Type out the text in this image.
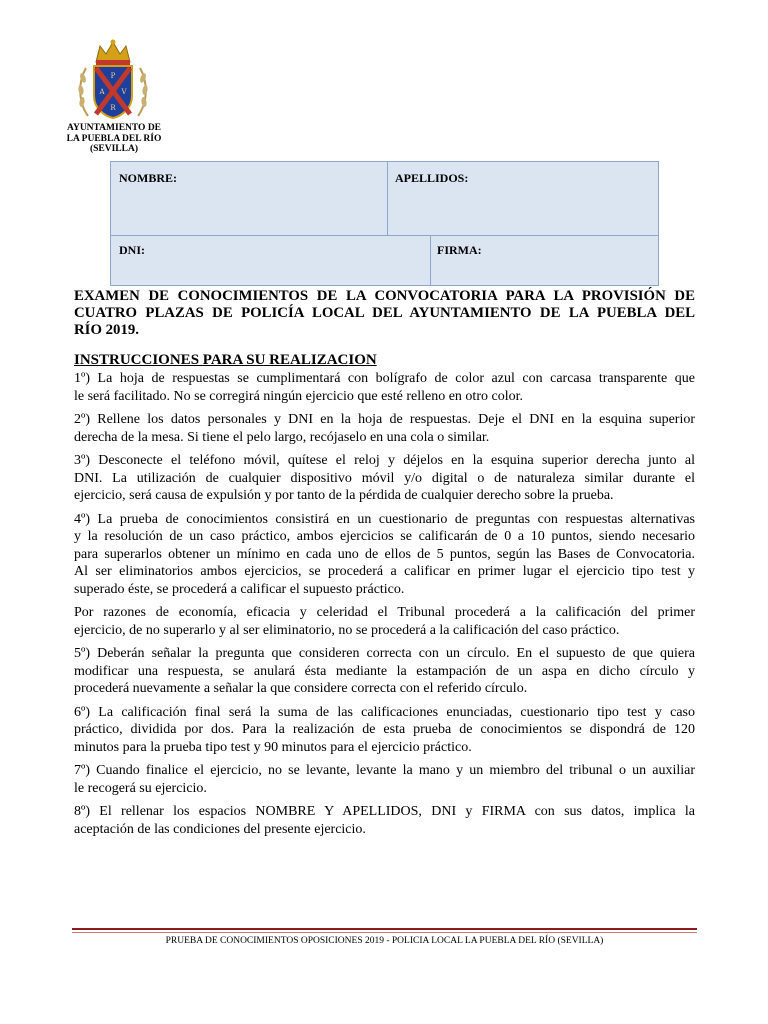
P
A V
R
AYUNTAMIENTO DE
LA PUEBLA DEL RÍO
(SEVILLA)
NOMBRE:	APELLIDOS:
DNI:	FIRMA:
EXAMEN DE CONOCIMIENTOS DE LA CONVOCATORIA PARA LA PROVISIÓN DE
CUATRO PLAZAS DE POLICÍA LOCAL DEL AYUNTAMIENTO DE LA PUEBLA DEL
RÍO 2019.
INSTRUCCIONES PARA SU REALIZACION
1º) La hoja de respuestas se cumplimentará con bolígrafo de color azul con carcasa transparente que
le será facilitado. No se corregirá ningún ejercicio que esté relleno en otro color.
2º) Rellene los datos personales y DNI en la hoja de respuestas. Deje el DNI en la esquina superior
derecha de la mesa. Si tiene el pelo largo, recójaselo en una cola o similar.
3º) Desconecte el teléfono móvil, quítese el reloj y déjelos en la esquina superior derecha junto al
DNI. La utilización de cualquier dispositivo móvil y/o digital o de naturaleza similar durante el
ejercicio, será causa de expulsión y por tanto de la pérdida de cualquier derecho sobre la prueba.
4º) La prueba de conocimientos consistirá en un cuestionario de preguntas con respuestas alternativas
y la resolución de un caso práctico, ambos ejercicios se calificarán de 0 a 10 puntos, siendo necesario
para superarlos obtener un mínimo en cada uno de ellos de 5 puntos, según las Bases de Convocatoria.
Al ser eliminatorios ambos ejercicios, se procederá a calificar en primer lugar el ejercicio tipo test y
superado éste, se procederá a calificar el supuesto práctico.
Por razones de economía, eficacia y celeridad el Tribunal procederá a la calificación del primer
ejercicio, de no superarlo y al ser eliminatorio, no se procederá a la calificación del caso práctico.
5º) Deberán señalar la pregunta que consideren correcta con un círculo. En el supuesto de que quiera
modificar una respuesta, se anulará ésta mediante la estampación de un aspa en dicho círculo y
procederá nuevamente a señalar la que considere correcta con el referido círculo.
6º) La calificación final será la suma de las calificaciones enunciadas, cuestionario tipo test y caso
práctico, dividida por dos. Para la realización de esta prueba de conocimientos se dispondrá de 120
minutos para la prueba tipo test y 90 minutos para el ejercicio práctico.
7º) Cuando finalice el ejercicio, no se levante, levante la mano y un miembro del tribunal o un auxiliar
le recogerá su ejercicio.
8º) El rellenar los espacios NOMBRE Y APELLIDOS, DNI y FIRMA con sus datos, implica la
aceptación de las condiciones del presente ejercicio.
PRUEBA DE CONOCIMIENTOS OPOSICIONES 2019 - POLICIA LOCAL LA PUEBLA DEL RÍO (SEVILLA)
